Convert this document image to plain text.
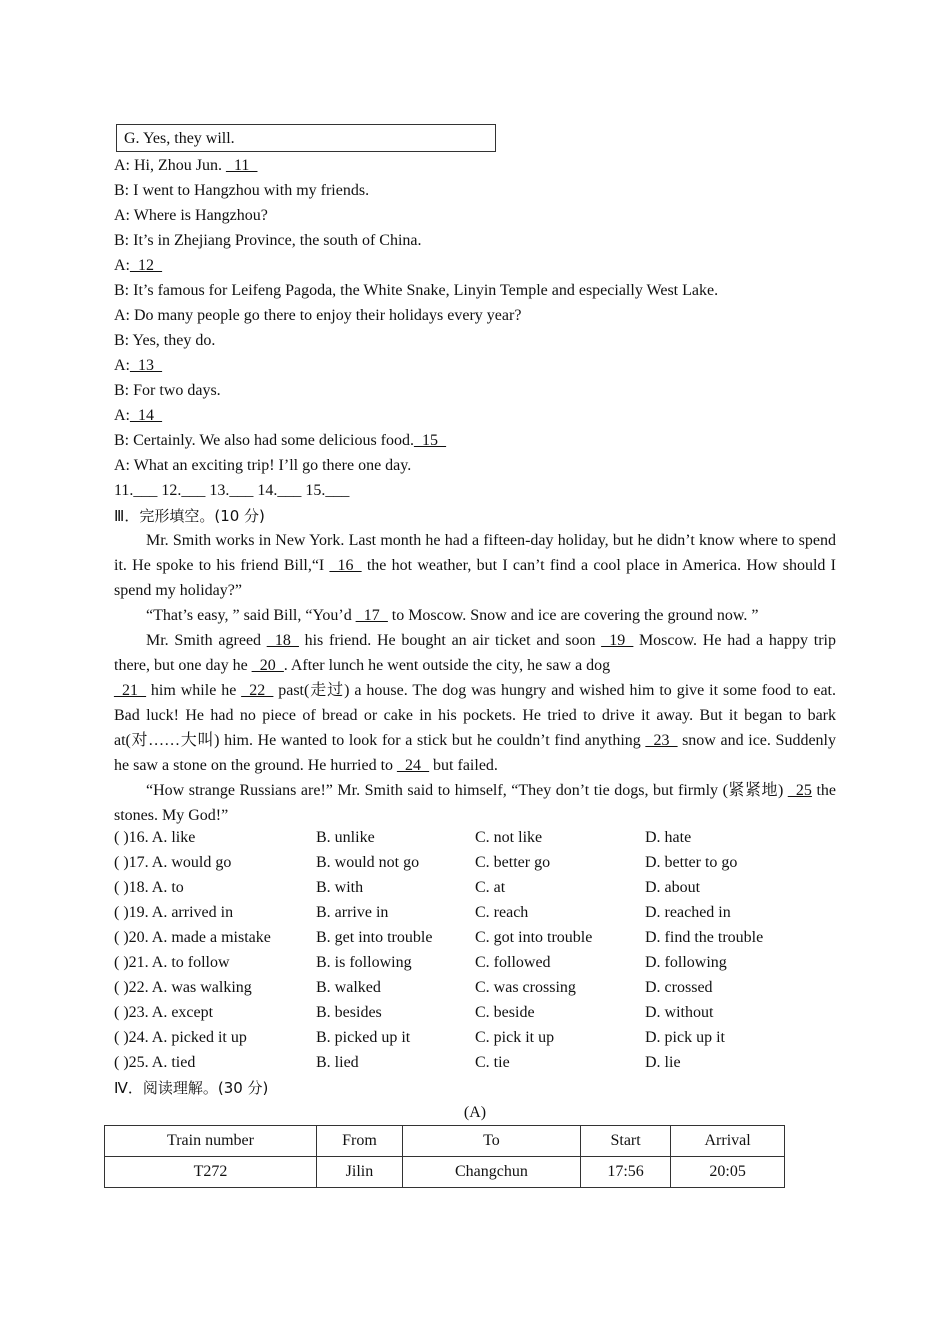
G. Yes, they will.
A: Hi, Zhou Jun. _11_
B: I went to Hangzhou with my friends.
A: Where is Hangzhou?
B: It’s in Zhejiang Province, the south of China.
A:_12_
B: It’s famous for Leifeng Pagoda, the White Snake, Linyin Temple and especially West Lake.
A: Do many people go there to enjoy their holidays every year?
B: Yes, they do.
A:_13_
B: For two days.
A:_14_
B: Certainly. We also had some delicious food._15_
A: What an exciting trip! I’ll go there one day.
11.___ 12.___ 13.___ 14.___ 15.___
Ⅲ．完形填空。(10 分)
Mr. Smith works in New York. Last month he had a fifteen-day holiday, but he didn’t know where to spend it. He spoke to his friend Bill,“I _16_ the hot weather, but I can’t find a cool place in America. How should I spend my holiday?”
“That’s easy, ” said Bill, “You’d _17_ to Moscow. Snow and ice are covering the ground now. ”
Mr. Smith agreed _18_ his friend. He bought an air ticket and soon _19_ Moscow. He had a happy trip there, but one day he _20_. After lunch he went outside the city, he saw a dog
_21_ him while he _22_ past(走过) a house. The dog was hungry and wished him to give it some food to eat. Bad luck! He had no piece of bread or cake in his pockets. He tried to drive it away. But it began to bark at(对……大叫) him. He wanted to look for a stick but he couldn’t find anything _23_ snow and ice. Suddenly he saw a stone on the ground. He hurried to _24_ but failed.
“How strange Russians are!” Mr. Smith said to himself, “They don’t tie dogs, but firmly (紧紧地) _25 the stones. My God!”
( )16. A. like	B. unlike	C. not like	D. hate
( )17. A. would go	B. would not go	C. better go	D. better to go
( )18. A. to	B. with	C. at	D. about
( )19. A. arrived in	B. arrive in	C. reach	D. reached in
( )20. A. made a mistake	B. get into trouble	C. got into trouble	D. find the trouble
( )21. A. to follow	B. is following	C. followed	D. following
( )22. A. was walking	B. walked	C. was crossing	D. crossed
( )23. A. except	B. besides	C. beside	D. without
( )24. A. picked it up	B. picked up it	C. pick it up	D. pick up it
( )25. A. tied	B. lied	C. tie	D. lie
Ⅳ．阅读理解。(30 分)
(A)
Train number	From	To	Start	Arrival
T272	Jilin	Changchun	17:56	20:05
